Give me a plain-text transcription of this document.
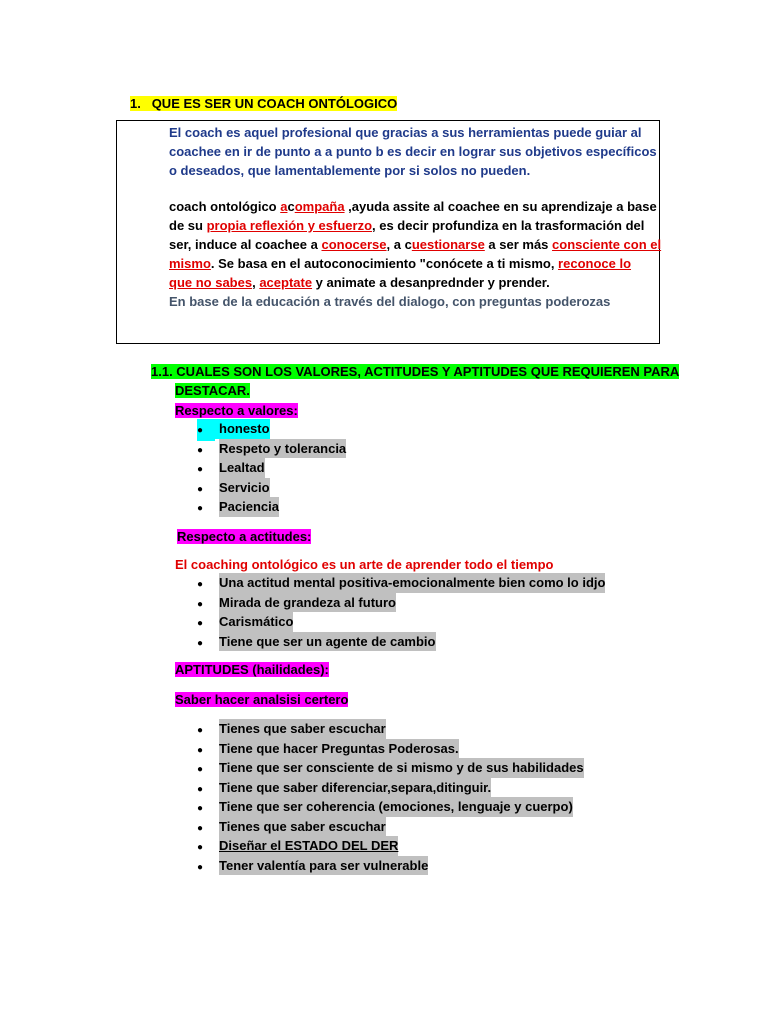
1. QUE ES SER UN COACH ONTÓLOGICO
El coach es aquel profesional que gracias a sus herramientas puede guiar al
coachee en ir de punto a a punto b es decir en lograr sus objetivos específicos
o deseados, que lamentablemente por si solos no pueden.
coach ontológico acompaña ,ayuda assite al coachee en su aprendizaje a base
de su propia reflexión y esfuerzo, es decir profundiza en la trasformación del
ser, induce al coachee a conocerse, a cuestionarse a ser más consciente con el
mismo. Se basa en el autoconocimiento "conócete a ti mismo, reconoce lo
que no sabes, aceptate y animate a desanprednder y prender.
En base de la educación a través del dialogo, con preguntas poderozas
1.1. CUALES SON LOS VALORES, ACTITUDES Y APTITUDES QUE REQUIEREN PARA
DESTACAR.
Respecto a valores:
●	honesto
●	Respeto y tolerancia
●	Lealtad
●	Servicio
●	Paciencia
Respecto a actitudes:
El coaching ontológico es un arte de aprender todo el tiempo
●	Una actitud mental positiva-emocionalmente bien como lo idjo
●	Mirada de grandeza al futuro
●	Carismático
●	Tiene que ser un agente de cambio
APTITUDES (hailidades):
Saber hacer analsisi certero
●	Tienes que saber escuchar
●	Tiene que hacer Preguntas Poderosas.
●	Tiene que ser consciente de si mismo y de sus habilidades
●	Tiene que saber diferenciar,separa,ditinguir.
●	Tiene que ser coherencia (emociones, lenguaje y cuerpo)
●	Tienes que saber escuchar
●	Diseñar el ESTADO DEL DER
●	Tener valentía para ser vulnerable
